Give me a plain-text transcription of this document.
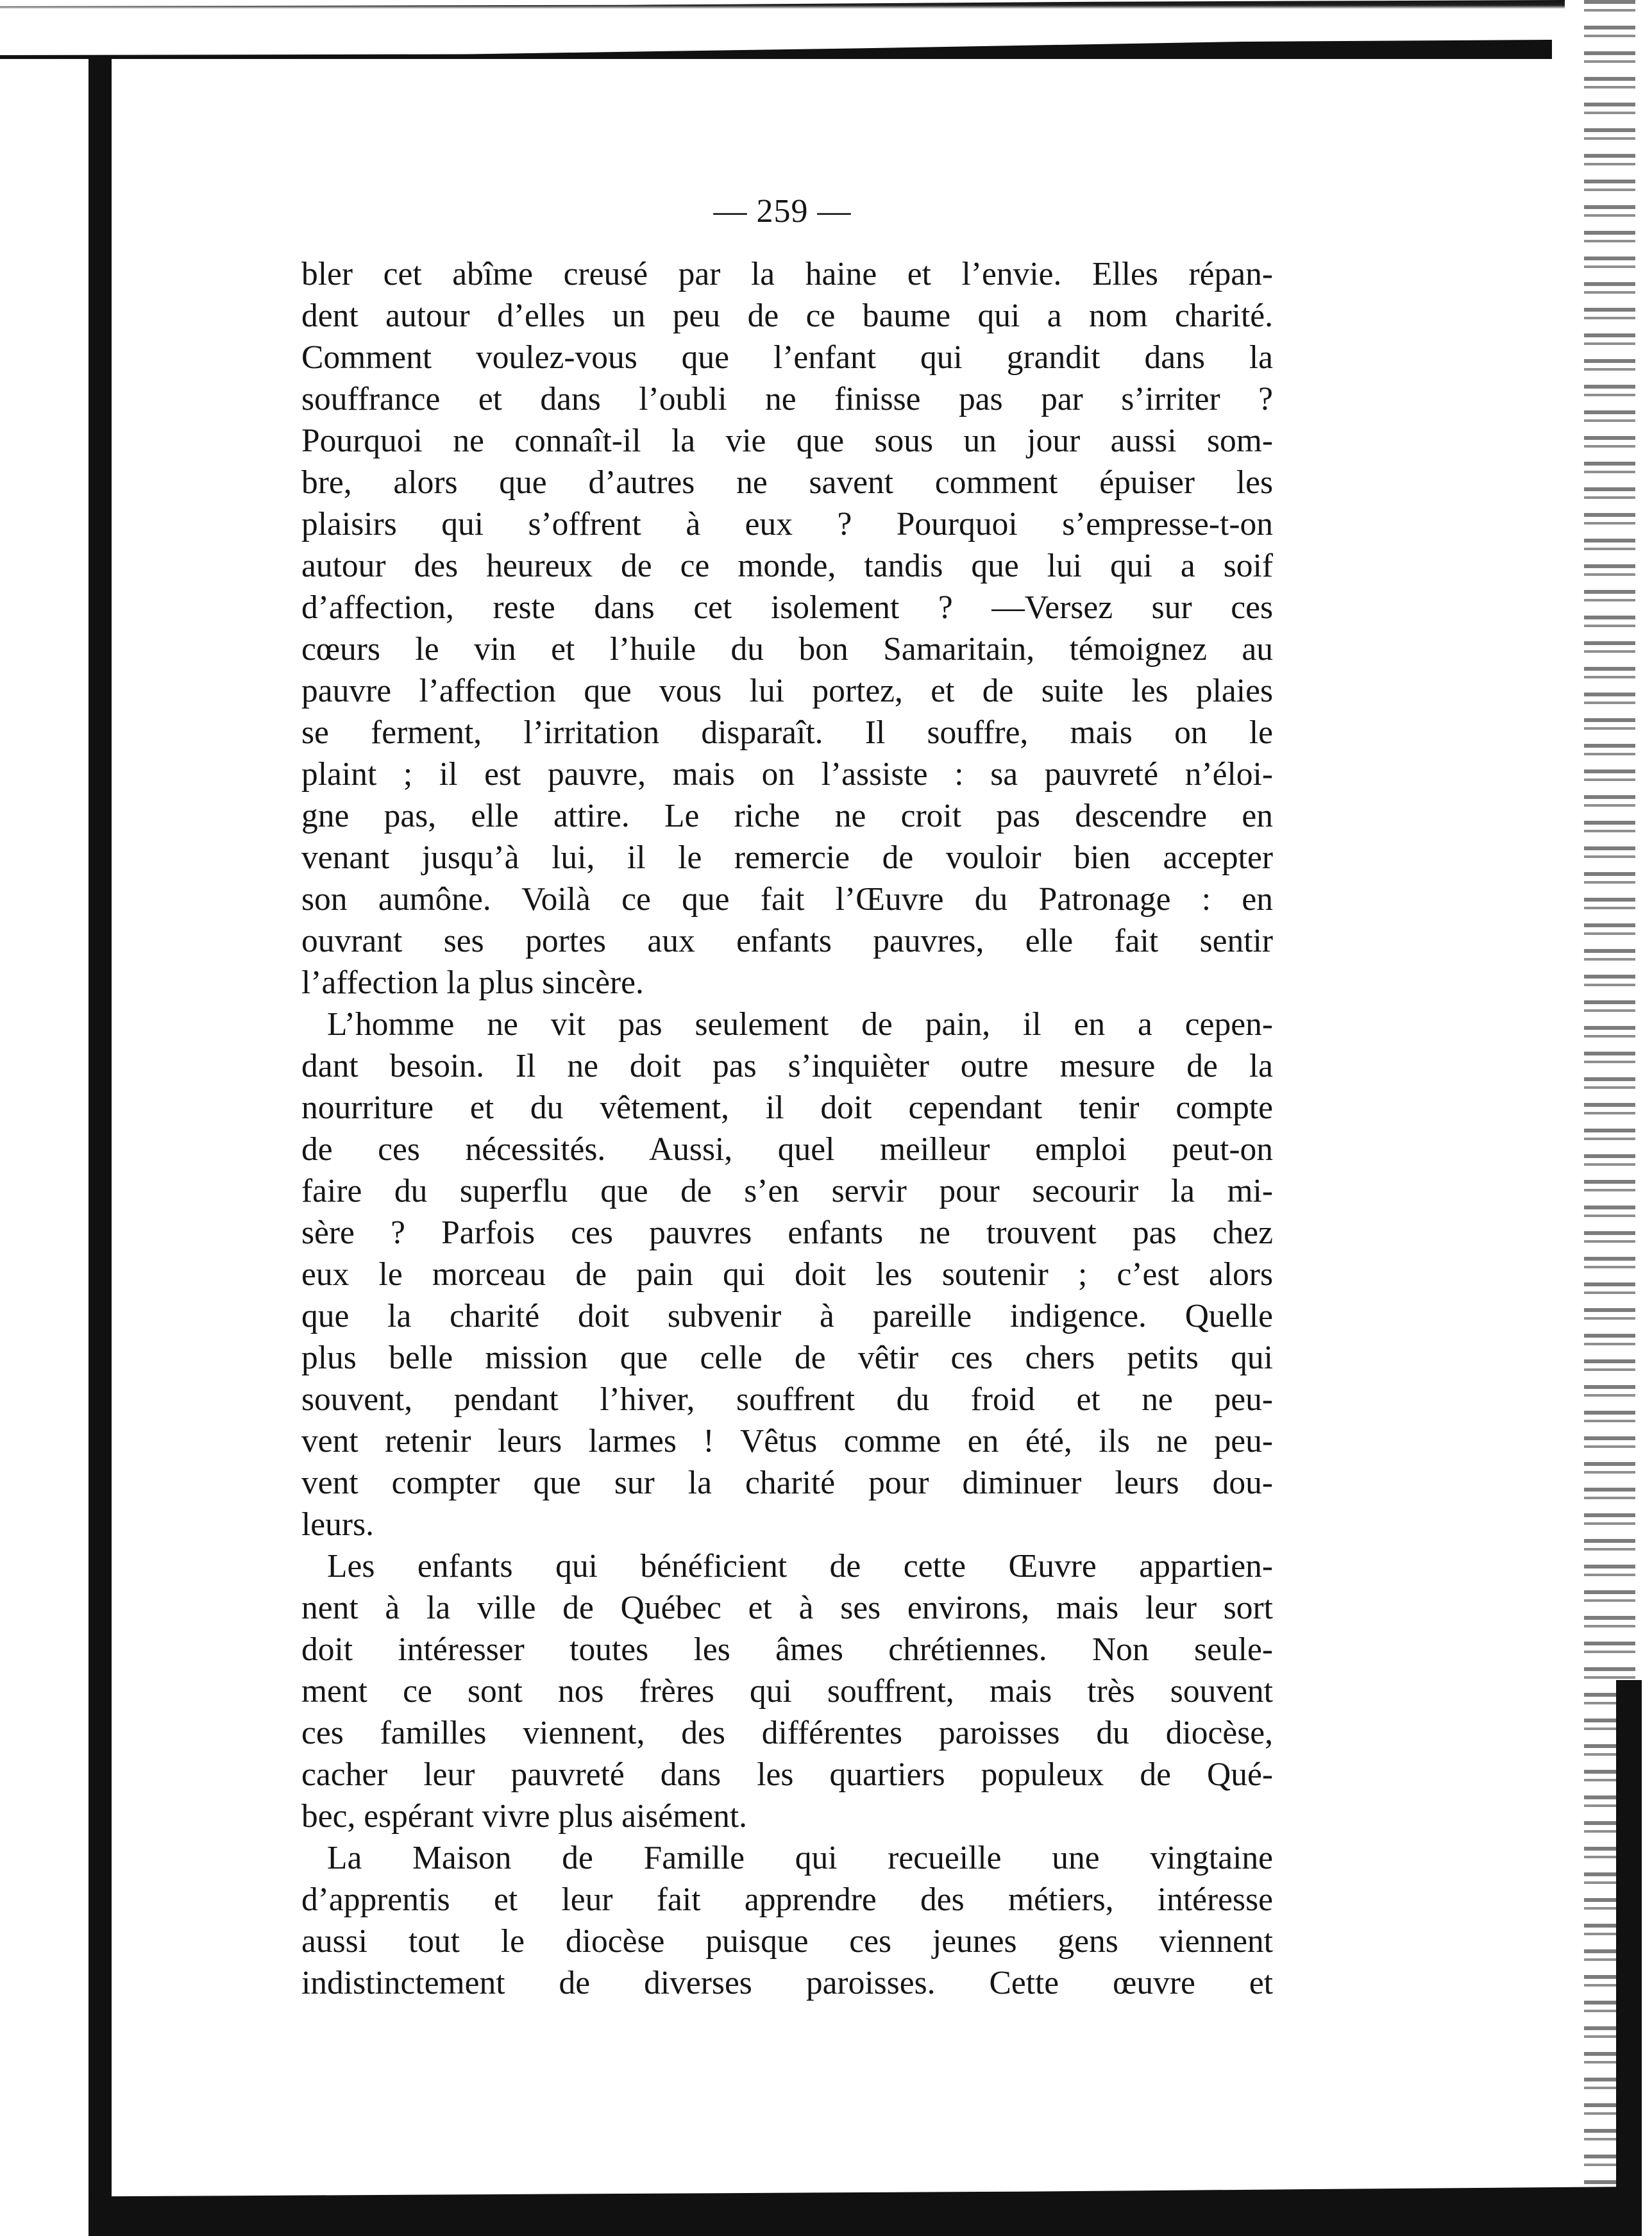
— 259 —
bler cet abîme creusé par la haine et l’envie. Elles répan-
dent autour d’elles un peu de ce baume qui a nom charité.
Comment voulez-vous que l’enfant qui grandit dans la
souffrance et dans l’oubli ne finisse pas par s’irriter ?
Pourquoi ne connaît-il la vie que sous un jour aussi som-
bre, alors que d’autres ne savent comment épuiser les
plaisirs qui s’offrent à eux ? Pourquoi s’empresse-t-on
autour des heureux de ce monde, tandis que lui qui a soif
d’affection, reste dans cet isolement ? —Versez sur ces
cœurs le vin et l’huile du bon Samaritain, témoignez au
pauvre l’affection que vous lui portez, et de suite les plaies
se ferment, l’irritation disparaît. Il souffre, mais on le
plaint ; il est pauvre, mais on l’assiste : sa pauvreté n’éloi-
gne pas, elle attire. Le riche ne croit pas descendre en
venant jusqu’à lui, il le remercie de vouloir bien accepter
son aumône. Voilà ce que fait l’Œuvre du Patronage : en
ouvrant ses portes aux enfants pauvres, elle fait sentir
l’affection la plus sincère.
L’homme ne vit pas seulement de pain, il en a cepen-
dant besoin. Il ne doit pas s’inquièter outre mesure de la
nourriture et du vêtement, il doit cependant tenir compte
de ces nécessités. Aussi, quel meilleur emploi peut-on
faire du superflu que de s’en servir pour secourir la mi-
sère ? Parfois ces pauvres enfants ne trouvent pas chez
eux le morceau de pain qui doit les soutenir ; c’est alors
que la charité doit subvenir à pareille indigence. Quelle
plus belle mission que celle de vêtir ces chers petits qui
souvent, pendant l’hiver, souffrent du froid et ne peu-
vent retenir leurs larmes ! Vêtus comme en été, ils ne peu-
vent compter que sur la charité pour diminuer leurs dou-
leurs.
Les enfants qui bénéficient de cette Œuvre appartien-
nent à la ville de Québec et à ses environs, mais leur sort
doit intéresser toutes les âmes chrétiennes. Non seule-
ment ce sont nos frères qui souffrent, mais très souvent
ces familles viennent, des différentes paroisses du diocèse,
cacher leur pauvreté dans les quartiers populeux de Qué-
bec, espérant vivre plus aisément.
La Maison de Famille qui recueille une vingtaine
d’apprentis et leur fait apprendre des métiers, intéresse
aussi tout le diocèse puisque ces jeunes gens viennent
indistinctement de diverses paroisses. Cette œuvre et
